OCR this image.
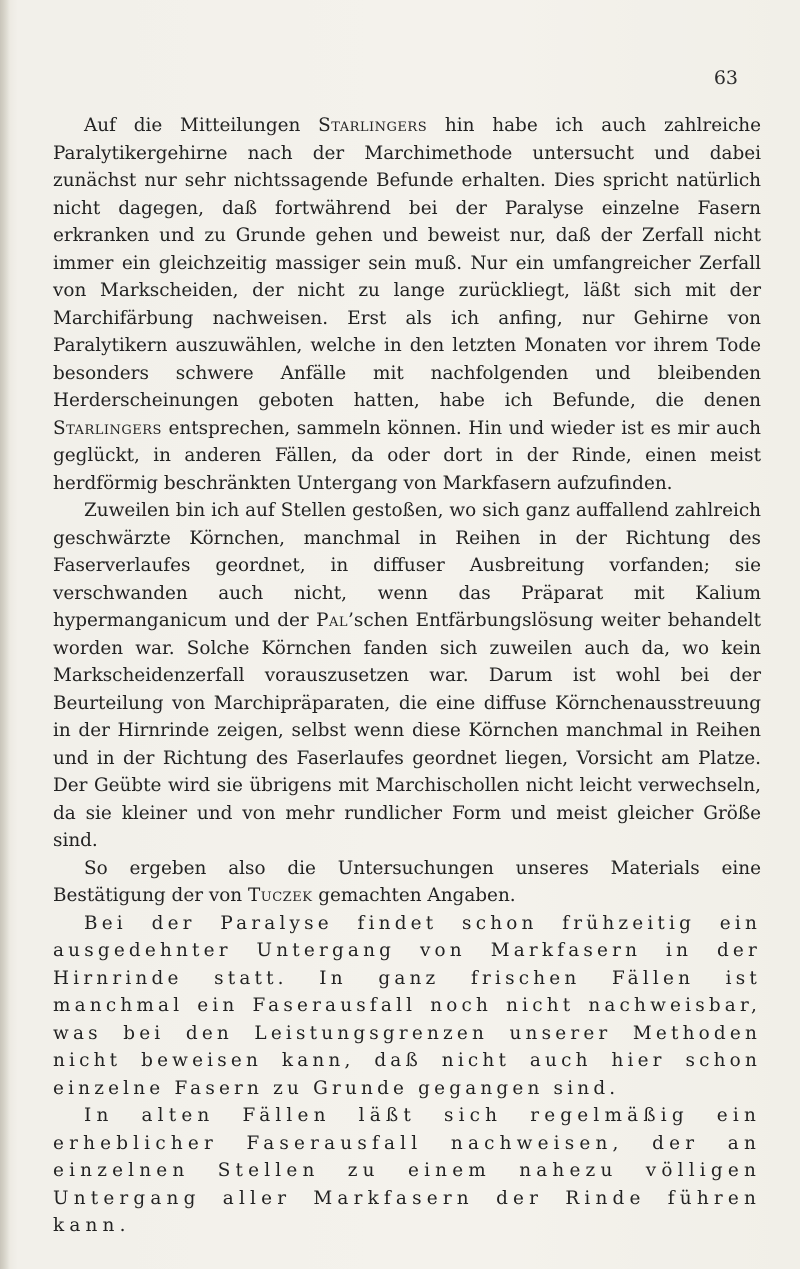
63

Auf die Mitteilungen Starlingers hin habe ich auch zahlreiche Paralytikergehirne nach der Marchimethode untersucht und dabei zunächst nur sehr nichtssagende Befunde erhalten. Dies spricht natürlich nicht dagegen, daß fortwährend bei der Paralyse einzelne Fasern erkranken und zu Grunde gehen und beweist nur, daß der Zerfall nicht immer ein gleichzeitig massiger sein muß. Nur ein umfangreicher Zerfall von Markscheiden, der nicht zu lange zurückliegt, läßt sich mit der Marchifärbung nachweisen. Erst als ich anfing, nur Gehirne von Paralytikern auszuwählen, welche in den letzten Monaten vor ihrem Tode besonders schwere Anfälle mit nachfolgenden und bleibenden Herderscheinungen geboten hatten, habe ich Befunde, die denen Starlingers entsprechen, sammeln können. Hin und wieder ist es mir auch geglückt, in anderen Fällen, da oder dort in der Rinde, einen meist herdförmig beschränkten Untergang von Markfasern aufzufinden.

Zuweilen bin ich auf Stellen gestoßen, wo sich ganz auffallend zahlreich geschwärzte Körnchen, manchmal in Reihen in der Richtung des Faserverlaufes geordnet, in diffuser Ausbreitung vorfanden; sie verschwanden auch nicht, wenn das Präparat mit Kalium hypermanganicum und der Pal’schen Entfärbungslösung weiter behandelt worden war. Solche Körnchen fanden sich zuweilen auch da, wo kein Markscheidenzerfall vorauszusetzen war. Darum ist wohl bei der Beurteilung von Marchipräparaten, die eine diffuse Körnchenausstreuung in der Hirnrinde zeigen, selbst wenn diese Körnchen manchmal in Reihen und in der Richtung des Faserlaufes geordnet liegen, Vorsicht am Platze. Der Geübte wird sie übrigens mit Marchischollen nicht leicht verwechseln, da sie kleiner und von mehr rundlicher Form und meist gleicher Größe sind.

So ergeben also die Untersuchungen unseres Materials eine Bestätigung der von Tuczek gemachten Angaben.

Bei der Paralyse findet schon frühzeitig ein ausgedehnter Untergang von Markfasern in der Hirnrinde statt. In ganz frischen Fällen ist manchmal ein Faserausfall noch nicht nachweisbar, was bei den Leistungsgrenzen unserer Methoden nicht beweisen kann, daß nicht auch hier schon einzelne Fasern zu Grunde gegangen sind.

In alten Fällen läßt sich regelmäßig ein erheblicher Faserausfall nachweisen, der an einzelnen Stellen zu einem nahezu völligen Untergang aller Markfasern der Rinde führen kann.
